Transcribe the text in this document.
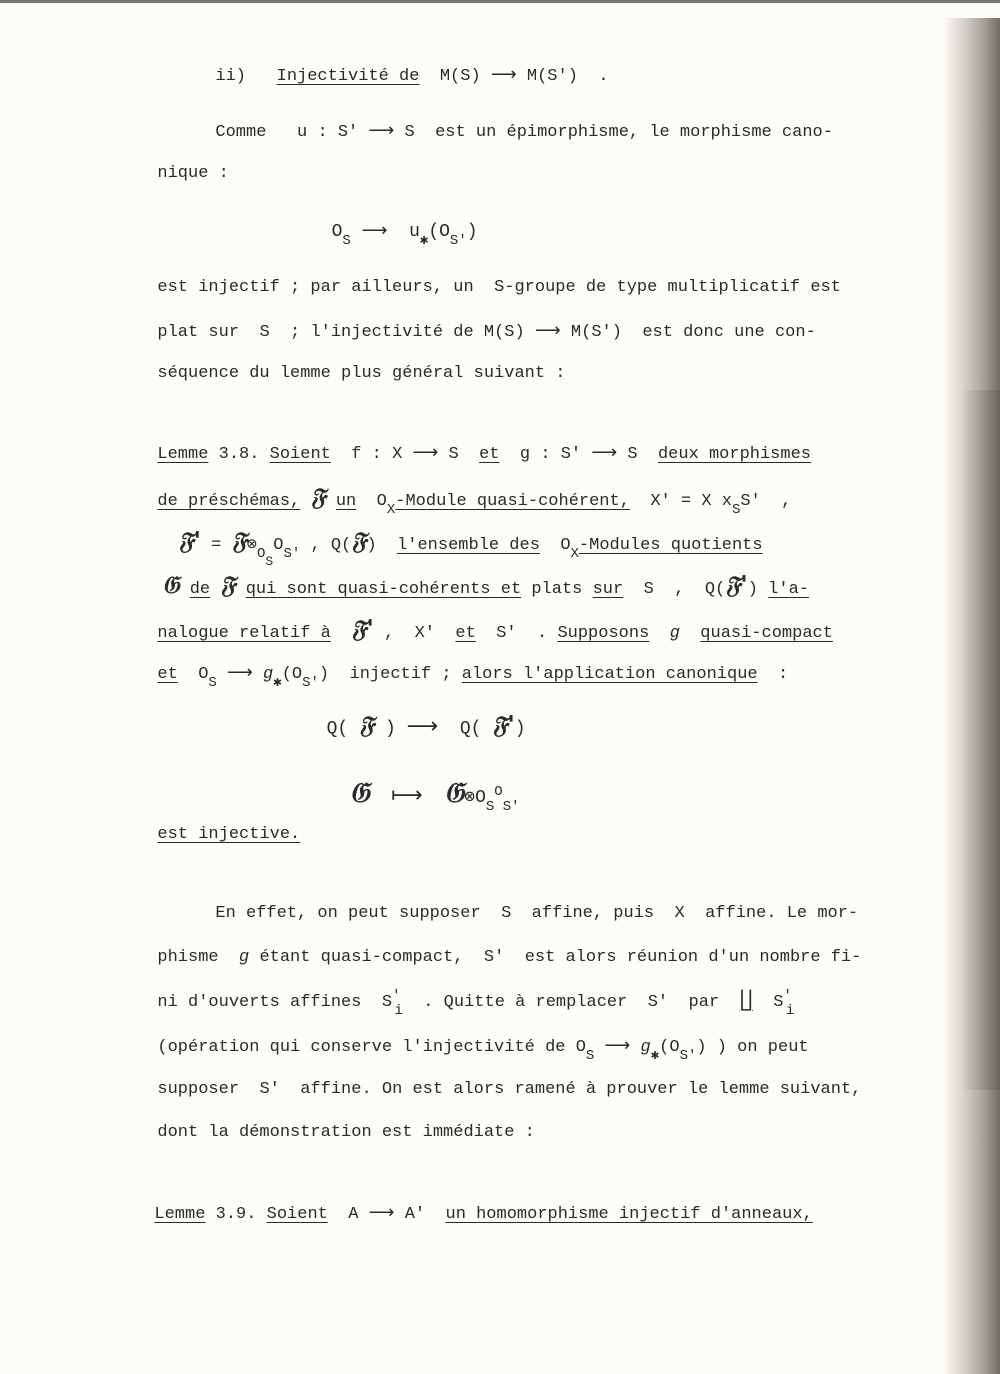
ii) Injectivité de M(S) ⟶ M(S') .

Comme u : S' ⟶ S est un épimorphisme, le morphisme cano-

nique :

$O_S$ ⟶ $u_✱(O_{S'})$

est injectif ; par ailleurs, un S-groupe de type multiplicatif est

plat sur S ; l'injectivité de M(S) ⟶ M(S') est donc une con-

séquence du lemme plus général suivant :

Lemme 3.8. Soient f : X ⟶ S et g : S' ⟶ S deux morphismes

de préschémas, 𝔉 un $O_X$-Module quasi-cohérent, X' = X $x_SS'$ ,

𝔉' = $𝔉\otimes_{OS}O_{S'}$ , Q(𝔉) l'ensemble des $O_X$-Modules quotients

𝔊 de 𝔉 qui sont quasi-cohérents et plats sur S , Q(𝔉') l'a-

nalogue relatif à 𝔉' , X' et S' . Supposons g quasi-compact

et $O_S$ ⟶ $g_✱(O_{S'})$ injectif ; alors l'application canonique :

Q( 𝔉 ) ⟶ Q( 𝔉')

𝔊 ⟼ $𝔊\otimes O_S^O_{S'}$

est injective.

En effet, on peut supposer S affine, puis X affine. Le mor-

phisme g étant quasi-compact, S' est alors réunion d'un nombre fi-

ni d'ouverts affines $S'_i$ . Quitte à remplacer S' par ∐ $S'_i$

(opération qui conserve l'injectivité de $O_S$ ⟶ $g_✱(O_{S'})$ ) on peut

supposer S' affine. On est alors ramené à prouver le lemme suivant,

dont la démonstration est immédiate :

Lemme 3.9. Soient A ⟶ A' un homomorphisme injectif d'anneaux,
